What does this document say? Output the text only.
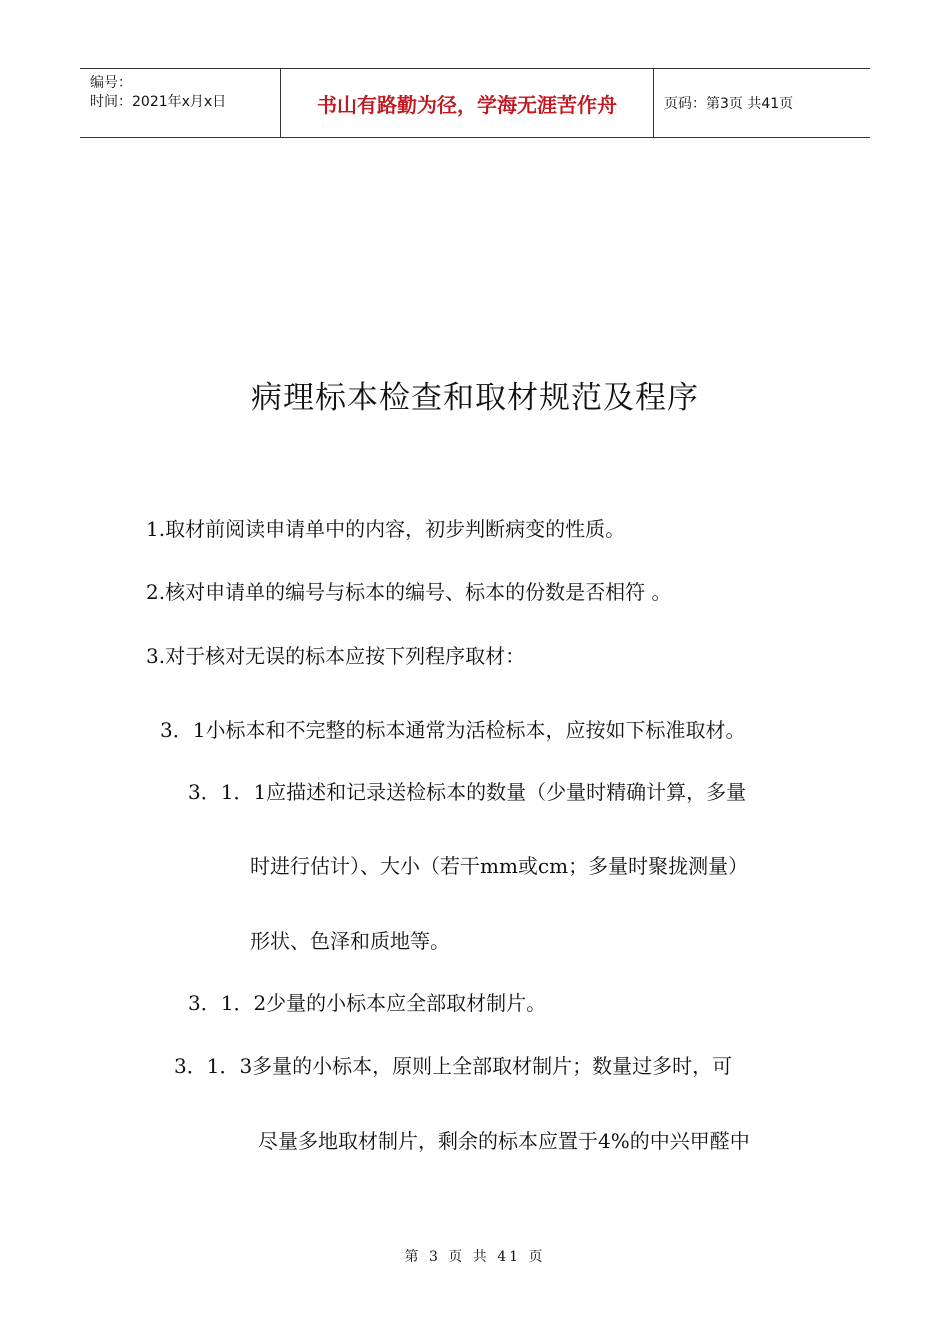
编号：
时间：2021年x月x日	书山有路勤为径，学海无涯苦作舟	页码：第3页 共41页
病理标本检查和取材规范及程序
1.取材前阅读申请单中的内容，初步判断病变的性质。
2.核对申请单的编号与标本的编号、标本的份数是否相符 。
3.对于核对无误的标本应按下列程序取材：
3．1小标本和不完整的标本通常为活检标本，应按如下标准取材。
3．1．1应描述和记录送检标本的数量（少量时精确计算，多量
时进行估计）、大小（若干mm或cm；多量时聚拢测量）
形状、色泽和质地等。
3．1．2少量的小标本应全部取材制片。
3．1．3多量的小标本，原则上全部取材制片；数量过多时，可
尽量多地取材制片，剩余的标本应置于4%的中兴甲醛中
第 3 页 共 41 页
